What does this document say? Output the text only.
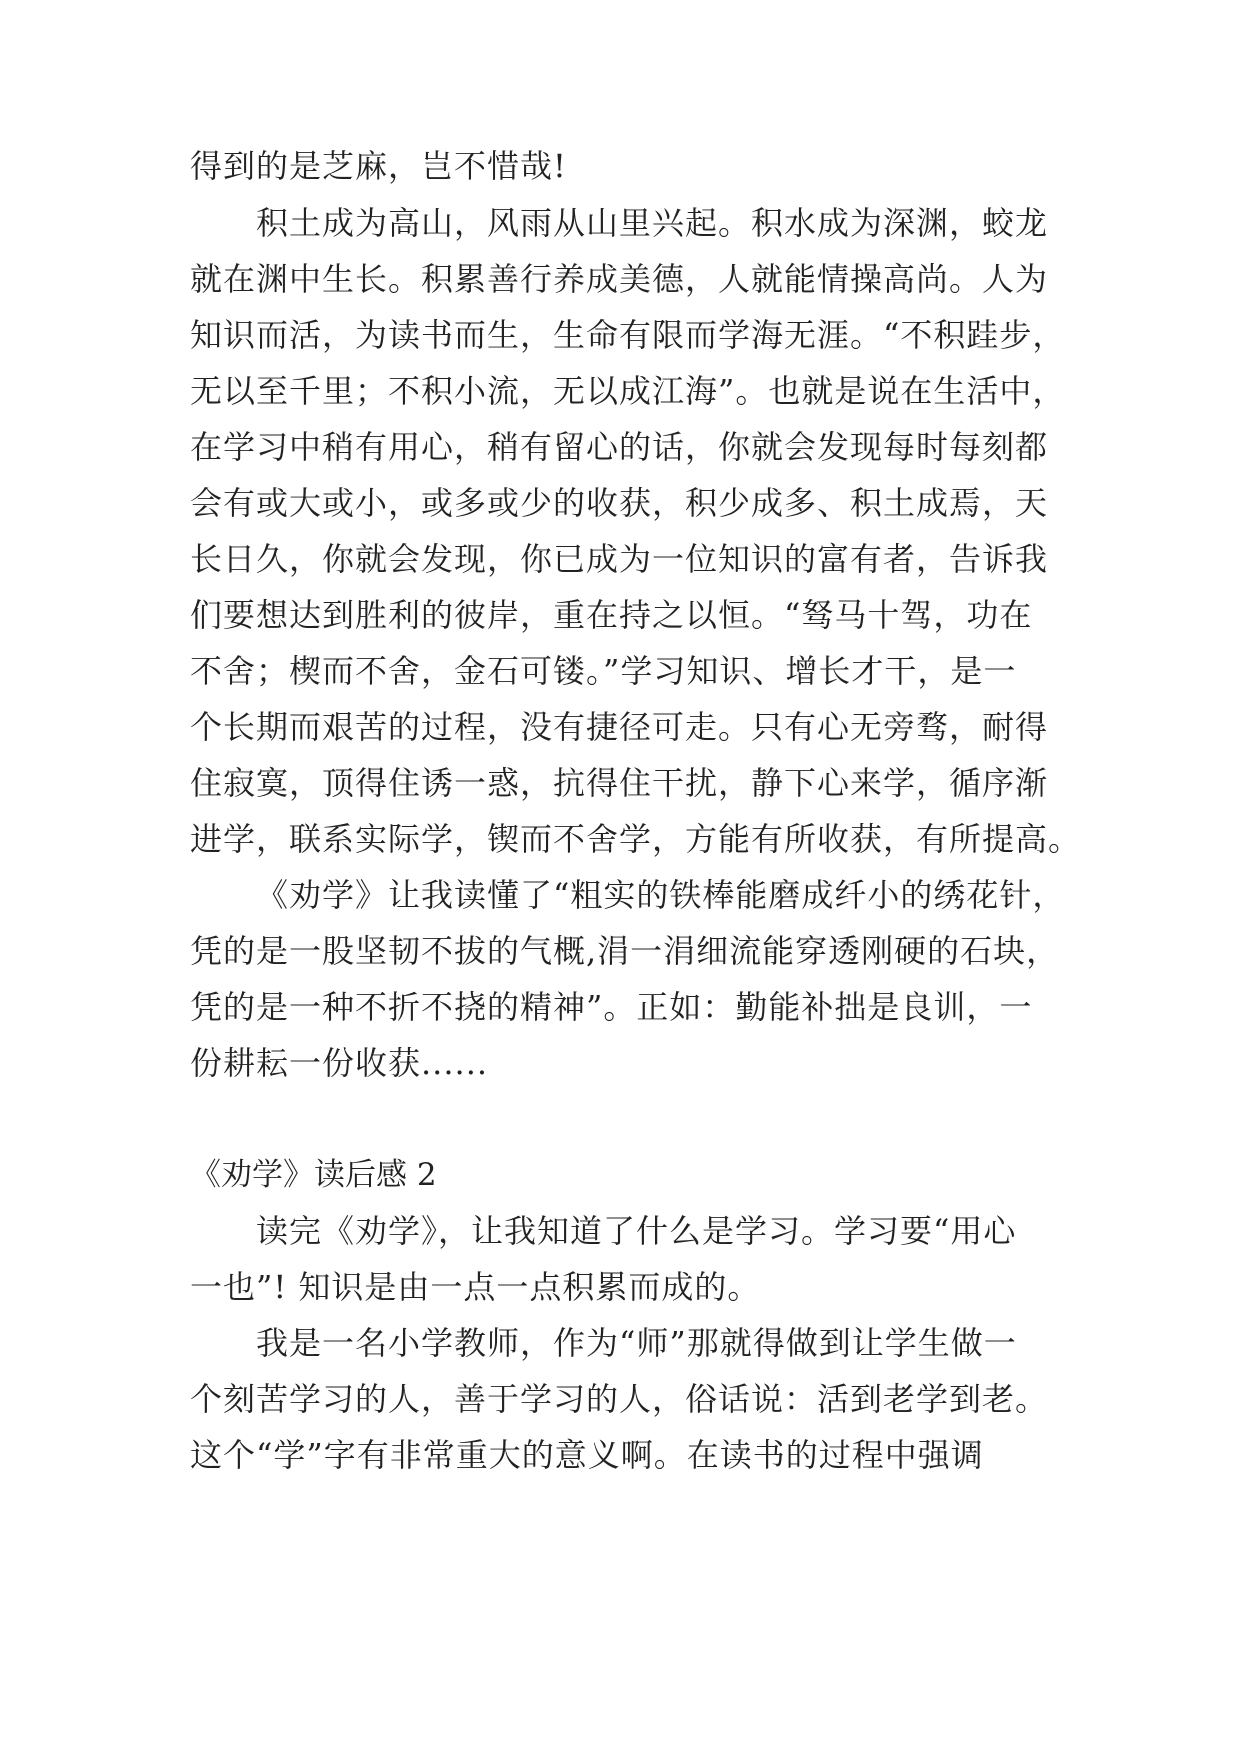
得到的是芝麻，岂不惜哉!
积土成为高山，风雨从山里兴起。积水成为深渊，蛟龙
就在渊中生长。积累善行养成美德，人就能情操高尚。人为
知识而活，为读书而生，生命有限而学海无涯。“不积跬步，
无以至千里；不积小流，无以成江海”。也就是说在生活中，
在学习中稍有用心，稍有留心的话，你就会发现每时每刻都
会有或大或小，或多或少的收获，积少成多、积土成焉，天
长日久，你就会发现，你已成为一位知识的富有者，告诉我
们要想达到胜利的彼岸，重在持之以恒。“驽马十驾，功在
不舍；楔而不舍，金石可镂。”学习知识、增长才干，是一
个长期而艰苦的过程，没有捷径可走。只有心无旁骛，耐得
住寂寞，顶得住诱一惑，抗得住干扰，静下心来学，循序渐
进学，联系实际学，锲而不舍学，方能有所收获，有所提高。
《劝学》让我读懂了“粗实的铁棒能磨成纤小的绣花针，
凭的是一股坚韧不拔的气概,涓一涓细流能穿透刚硬的石块，
凭的是一种不折不挠的精神”。正如：勤能补拙是良训，一
份耕耘一份收获......
《劝学》读后感 2
读完《劝学》，让我知道了什么是学习。学习要“用心
一也”! 知识是由一点一点积累而成的。
我是一名小学教师，作为“师”那就得做到让学生做一
个刻苦学习的人，善于学习的人，俗话说：活到老学到老。
这个“学”字有非常重大的意义啊。在读书的过程中强调
